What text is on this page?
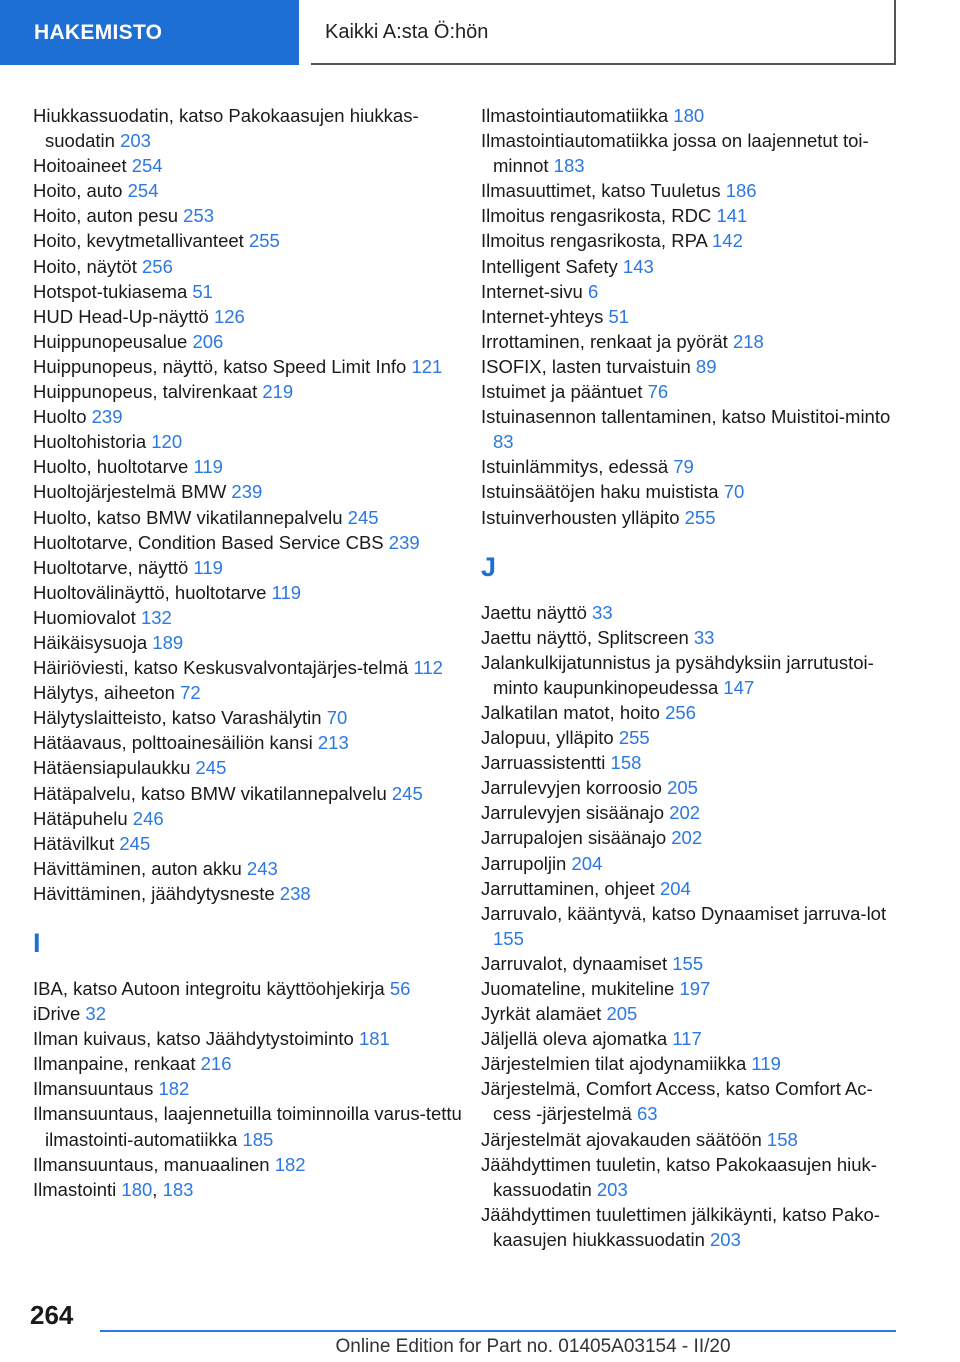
HAKEMISTO	Kaikki A:sta Ö:hön
Hiukkassuodatin, katso Pakokaasujen hiukkas-suodatin 203
Hoitoaineet 254
Hoito, auto 254
Hoito, auton pesu 253
Hoito, kevytmetallivanteet 255
Hoito, näytöt 256
Hotspot-tukiasema 51
HUD Head-Up-näyttö 126
Huippunopeusalue 206
Huippunopeus, näyttö, katso Speed Limit Info 121
Huippunopeus, talvirenkaat 219
Huolto 239
Huoltohistoria 120
Huolto, huoltotarve 119
Huoltojärjestelmä BMW 239
Huolto, katso BMW vikatilannepalvelu 245
Huoltotarve, Condition Based Service CBS 239
Huoltotarve, näyttö 119
Huoltovälinäyttö, huoltotarve 119
Huomiovalot 132
Häikäisysuoja 189
Häiriöviesti, katso Keskusvalvontajärjes-telmä 112
Hälytys, aiheeton 72
Hälytyslaitteisto, katso Varashälytin 70
Hätäavaus, polttoainesäiliön kansi 213
Hätäensiapulaukku 245
Hätäpalvelu, katso BMW vikatilannepalvelu 245
Hätäpuhelu 246
Hätävilkut 245
Hävittäminen, auton akku 243
Hävittäminen, jäähdytysneste 238
I
IBA, katso Autoon integroitu käyttöohjekirja 56
iDrive 32
Ilman kuivaus, katso Jäähdytystoiminto 181
Ilmanpaine, renkaat 216
Ilmansuuntaus 182
Ilmansuuntaus, laajennetuilla toiminnoilla varus-tettu ilmastointi-automatiikka 185
Ilmansuuntaus, manuaalinen 182
Ilmastointi 180, 183
Ilmastointiautomatiikka 180
Ilmastointiautomatiikka jossa on laajennetut toi-minnot 183
Ilmasuuttimet, katso Tuuletus 186
Ilmoitus rengasrikosta, RDC 141
Ilmoitus rengasrikosta, RPA 142
Intelligent Safety 143
Internet-sivu 6
Internet-yhteys 51
Irrottaminen, renkaat ja pyörät 218
ISOFIX, lasten turvaistuin 89
Istuimet ja pääntuet 76
Istuinasennon tallentaminen, katso Muistitoi-minto 83
Istuinlämmitys, edessä 79
Istuinsäätöjen haku muistista 70
Istuinverhousten ylläpito 255
J
Jaettu näyttö 33
Jaettu näyttö, Splitscreen 33
Jalankulkijatunnistus ja pysähdyksiin jarrutustoi-minto kaupunkinopeudessa 147
Jalkatilan matot, hoito 256
Jalopuu, ylläpito 255
Jarruassistentti 158
Jarrulevyjen korroosio 205
Jarrulevyjen sisäänajo 202
Jarrupalojen sisäänajo 202
Jarrupoljin 204
Jarruttaminen, ohjeet 204
Jarruvalo, kääntyvä, katso Dynaamiset jarruva-lot 155
Jarruvalot, dynaamiset 155
Juomateline, mukiteline 197
Jyrkät alamäet 205
Jäljellä oleva ajomatka 117
Järjestelmien tilat ajodynamiikka 119
Järjestelmä, Comfort Access, katso Comfort Ac-cess -järjestelmä 63
Järjestelmät ajovakauden säätöön 158
Jäähdyttimen tuuletin, katso Pakokaasujen hiuk-kassuodatin 203
Jäähdyttimen tuulettimen jälkikäynti, katso Pako-kaasujen hiukkassuodatin 203
264
Online Edition for Part no. 01405A03154 - II/20
